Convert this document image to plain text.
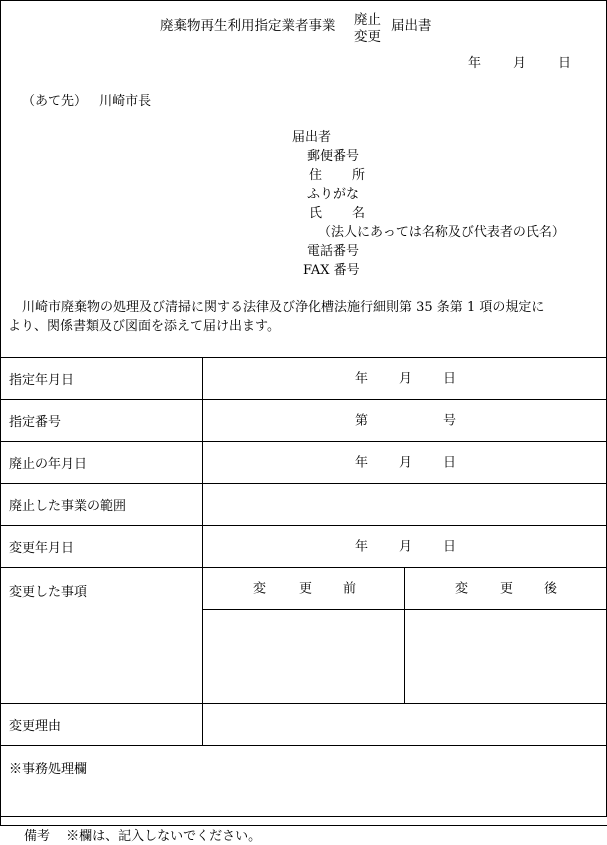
廃棄物再生利用指定業者事業 廃止
変更
届出書
年 月 日
（あて先） 川崎市長
届出者
郵便番号
住 所
ふりがな
氏 名
（法人にあっては名称及び代表者の氏名）
電話番号
FAX 番号
川崎市廃棄物の処理及び清掃に関する法律及び浄化槽法施行細則第 35 条第 1 項の規定に
より、関係書類及び図面を添えて届け出ます。
指定年月日	年 月 日	

指定番号	第 号	

廃止の年月日	年 月 日	

廃止した事業の範囲		
変更年月日	年 月 日	

変更した事項	変 更 前	変 更 後

変更理由		
※事務処理欄		
備考 ※欄は、記入しないでください。
